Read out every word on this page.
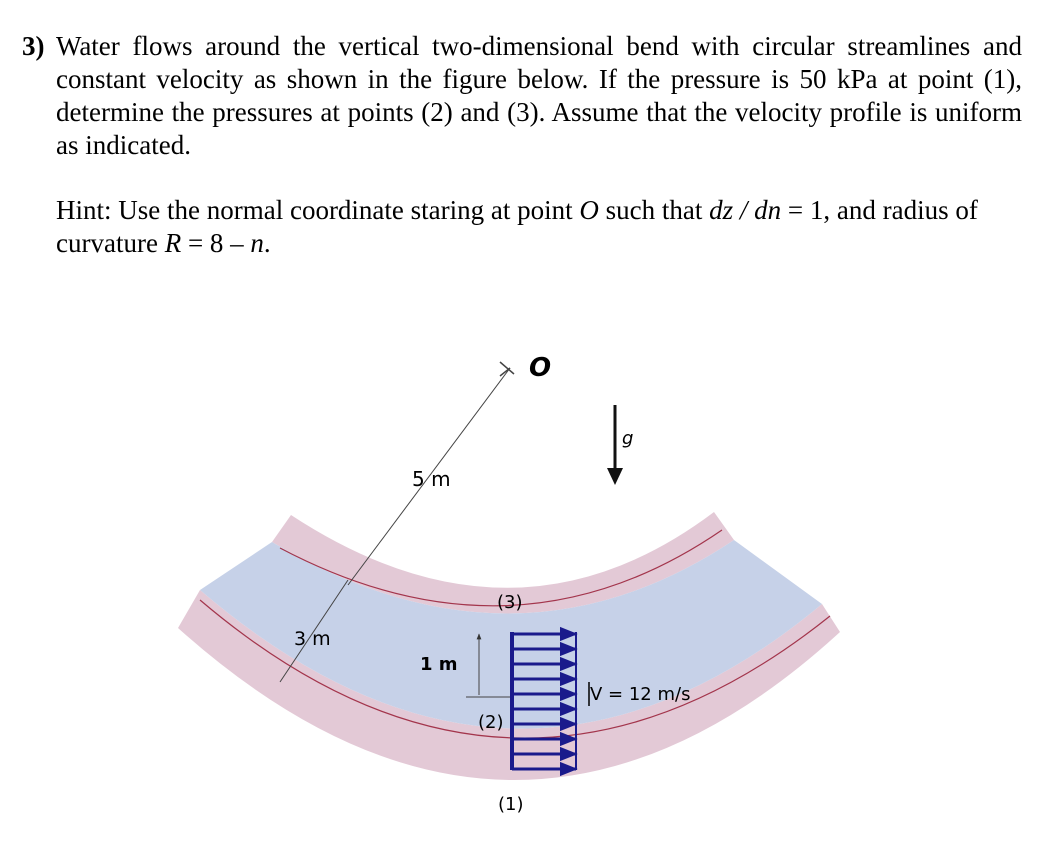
3) Water flows around the vertical two-dimensional bend with circular streamlines and constant velocity as shown in the figure below. If the pressure is 50 kPa at point (1), determine the pressures at points (2) and (3). Assume that the velocity profile is uniform as indicated.
Hint: Use the normal coordinate staring at point O such that dz / dn = 1, and radius of curvature R = 8 – n.
O
3 m
5 m
g
1 m
V = 12 m/s
(3)
(2)
(1)
